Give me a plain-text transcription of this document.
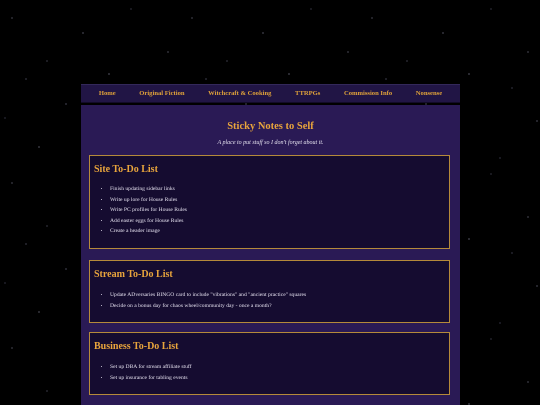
Home	Original Fiction	Witchcraft & Cooking	TTRPGs	Commission Info	Nonsense
Sticky Notes to Self
A place to put stuff so I don't forget about it.
Site To-Do List
• Finish updating sidebar links
• Write up lore for House Rules
• Write PC profiles for House Rules
• Add easter eggs for House Rules
• Create a header image
Stream To-Do List
• Update ADversaries BINGO card to include "vibrations" and "ancient practice" squares
• Decide on a bonus day for chaos wheel/community day - once a month?
Business To-Do List
• Set up DBA for stream affiliate stuff
• Set up insurance for tabling events
